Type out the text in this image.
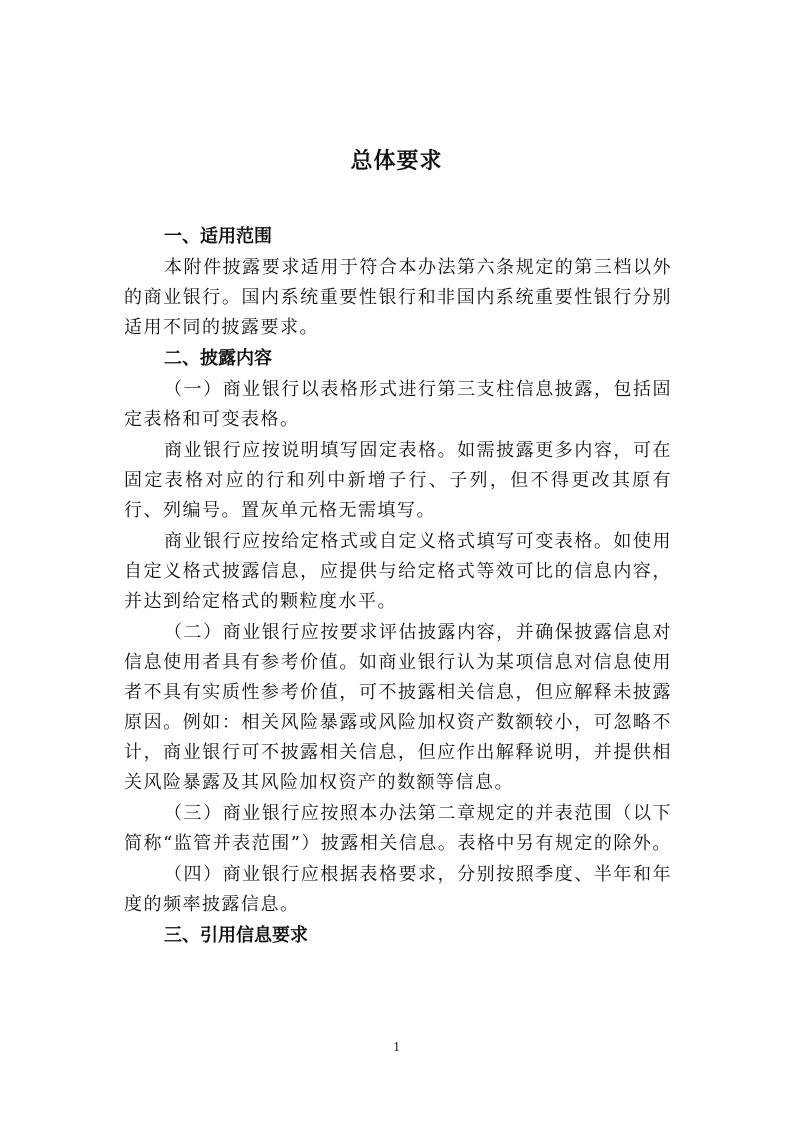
总体要求
一、适用范围
本附件披露要求适用于符合本办法第六条规定的第三档以外的商业银行。国内系统重要性银行和非国内系统重要性银行分别适用不同的披露要求。
二、披露内容
（一）商业银行以表格形式进行第三支柱信息披露，包括固定表格和可变表格。
商业银行应按说明填写固定表格。如需披露更多内容，可在固定表格对应的行和列中新增子行、子列，但不得更改其原有行、列编号。置灰单元格无需填写。
商业银行应按给定格式或自定义格式填写可变表格。如使用自定义格式披露信息，应提供与给定格式等效可比的信息内容，并达到给定格式的颗粒度水平。
（二）商业银行应按要求评估披露内容，并确保披露信息对信息使用者具有参考价值。如商业银行认为某项信息对信息使用者不具有实质性参考价值，可不披露相关信息，但应解释未披露原因。例如：相关风险暴露或风险加权资产数额较小，可忽略不计，商业银行可不披露相关信息，但应作出解释说明，并提供相关风险暴露及其风险加权资产的数额等信息。
（三）商业银行应按照本办法第二章规定的并表范围（以下简称“监管并表范围”）披露相关信息。表格中另有规定的除外。
（四）商业银行应根据表格要求，分别按照季度、半年和年度的频率披露信息。
三、引用信息要求
1
